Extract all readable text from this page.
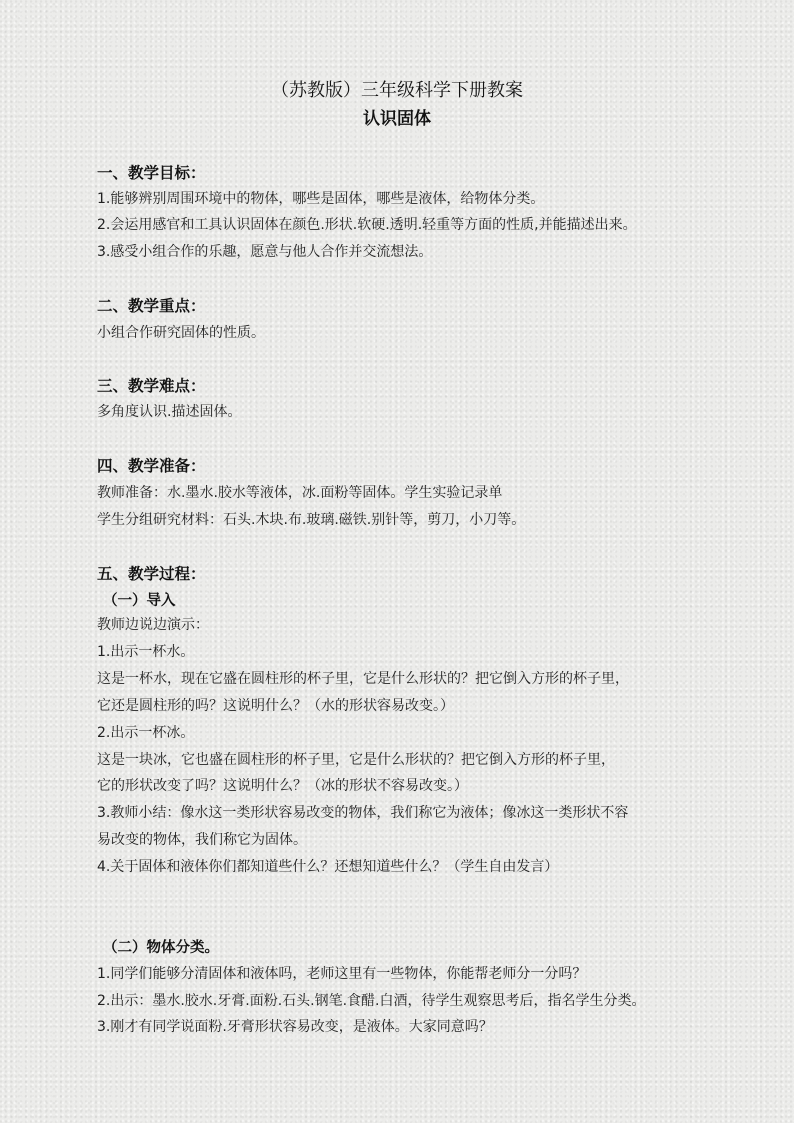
（苏教版）三年级科学下册教案
认识固体
一、教学目标：
1.能够辨别周围环境中的物体，哪些是固体，哪些是液体，给物体分类。
2.会运用感官和工具认识固体在颜色.形状.软硬.透明.轻重等方面的性质,并能描述出来。
3.感受小组合作的乐趣，愿意与他人合作并交流想法。
二、教学重点：
小组合作研究固体的性质。
三、教学难点：
多角度认识.描述固体。
四、教学准备：
教师准备：水.墨水.胶水等液体，冰.面粉等固体。学生实验记录单
学生分组研究材料：石头.木块.布.玻璃.磁铁.别针等，剪刀，小刀等。
五、教学过程：
（一）导入
教师边说边演示：
1.出示一杯水。
这是一杯水，现在它盛在圆柱形的杯子里，它是什么形状的？把它倒入方形的杯子里，
它还是圆柱形的吗？这说明什么？（水的形状容易改变。）
2.出示一杯冰。
这是一块冰，它也盛在圆柱形的杯子里，它是什么形状的？把它倒入方形的杯子里，
它的形状改变了吗？这说明什么？（冰的形状不容易改变。）
3.教师小结：像水这一类形状容易改变的物体，我们称它为液体；像冰这一类形状不容
易改变的物体，我们称它为固体。
4.关于固体和液体你们都知道些什么？还想知道些什么？（学生自由发言）
（二）物体分类。
1.同学们能够分清固体和液体吗，老师这里有一些物体，你能帮老师分一分吗？
2.出示：墨水.胶水.牙膏.面粉.石头.钢笔.食醋.白酒，待学生观察思考后，指名学生分类。
3.刚才有同学说面粉.牙膏形状容易改变，是液体。大家同意吗？
